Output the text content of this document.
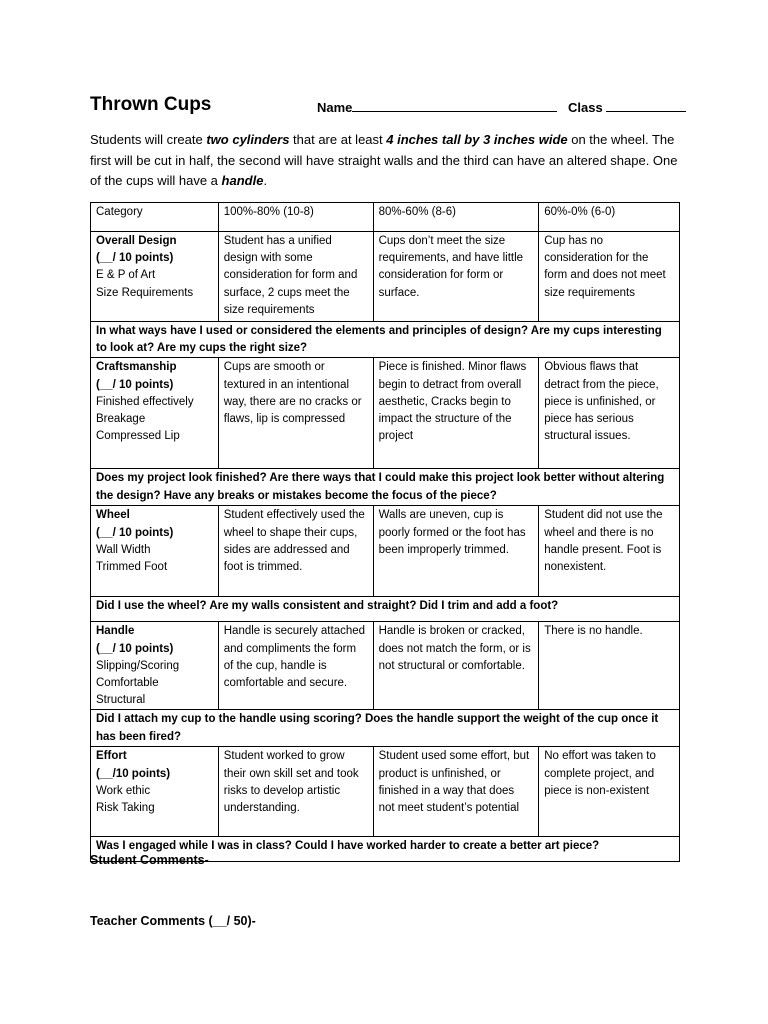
Thrown Cups	Name	Class
Students will create two cylinders that are at least 4 inches tall by 3 inches wide on the wheel. The first will be cut in half, the second will have straight walls and the third can have an altered shape. One of the cups will have a handle.
Category	100%-80% (10-8)	80%-60% (8-6)	60%-0% (6-0)

Overall Design
(__/ 10 points)
E & P of Art
Size Requirements	Student has a unified design with some consideration for form and surface, 2 cups meet the size requirements	Cups don’t meet the size requirements, and have little consideration for form or surface.	Cup has no consideration for the form and does not meet size requirements
In what ways have I used or considered the elements and principles of design? Are my cups interesting to look at? Are my cups the right size?			

Craftsmanship
(__/ 10 points)
Finished effectively
Breakage
Compressed Lip	Cups are smooth or textured in an intentional way, there are no cracks or flaws, lip is compressed	Piece is finished. Minor flaws begin to detract from overall aesthetic, Cracks begin to impact the structure of the project	Obvious flaws that detract from the piece, piece is unfinished, or piece has serious structural issues.
Does my project look finished? Are there ways that I could make this project look better without altering the design? Have any breaks or mistakes become the focus of the piece?			

Wheel
(__/ 10 points)
Wall Width
Trimmed Foot	Student effectively used the wheel to shape their cups, sides are addressed and foot is trimmed.	Walls are uneven, cup is poorly formed or the foot has been improperly trimmed.	Student did not use the wheel and there is no handle present. Foot is nonexistent.
Did I use the wheel? Are my walls consistent and straight? Did I trim and add a foot?			

Handle
(__/ 10 points)
Slipping/Scoring
Comfortable
Structural	Handle is securely attached and compliments the form of the cup, handle is comfortable and secure.	Handle is broken or cracked, does not match the form, or is not structural or comfortable.	There is no handle.
Did I attach my cup to the handle using scoring? Does the handle support the weight of the cup once it has been fired?			

Effort
(__/10 points)
Work ethic
Risk Taking	Student worked to grow their own skill set and took risks to develop artistic understanding.	Student used some effort, but product is unfinished, or finished in a way that does not meet student’s potential	No effort was taken to complete project, and piece is non-existent
Was I engaged while I was in class? Could I have worked harder to create a better art piece?			
Student Comments-
Teacher Comments (__/ 50)-
